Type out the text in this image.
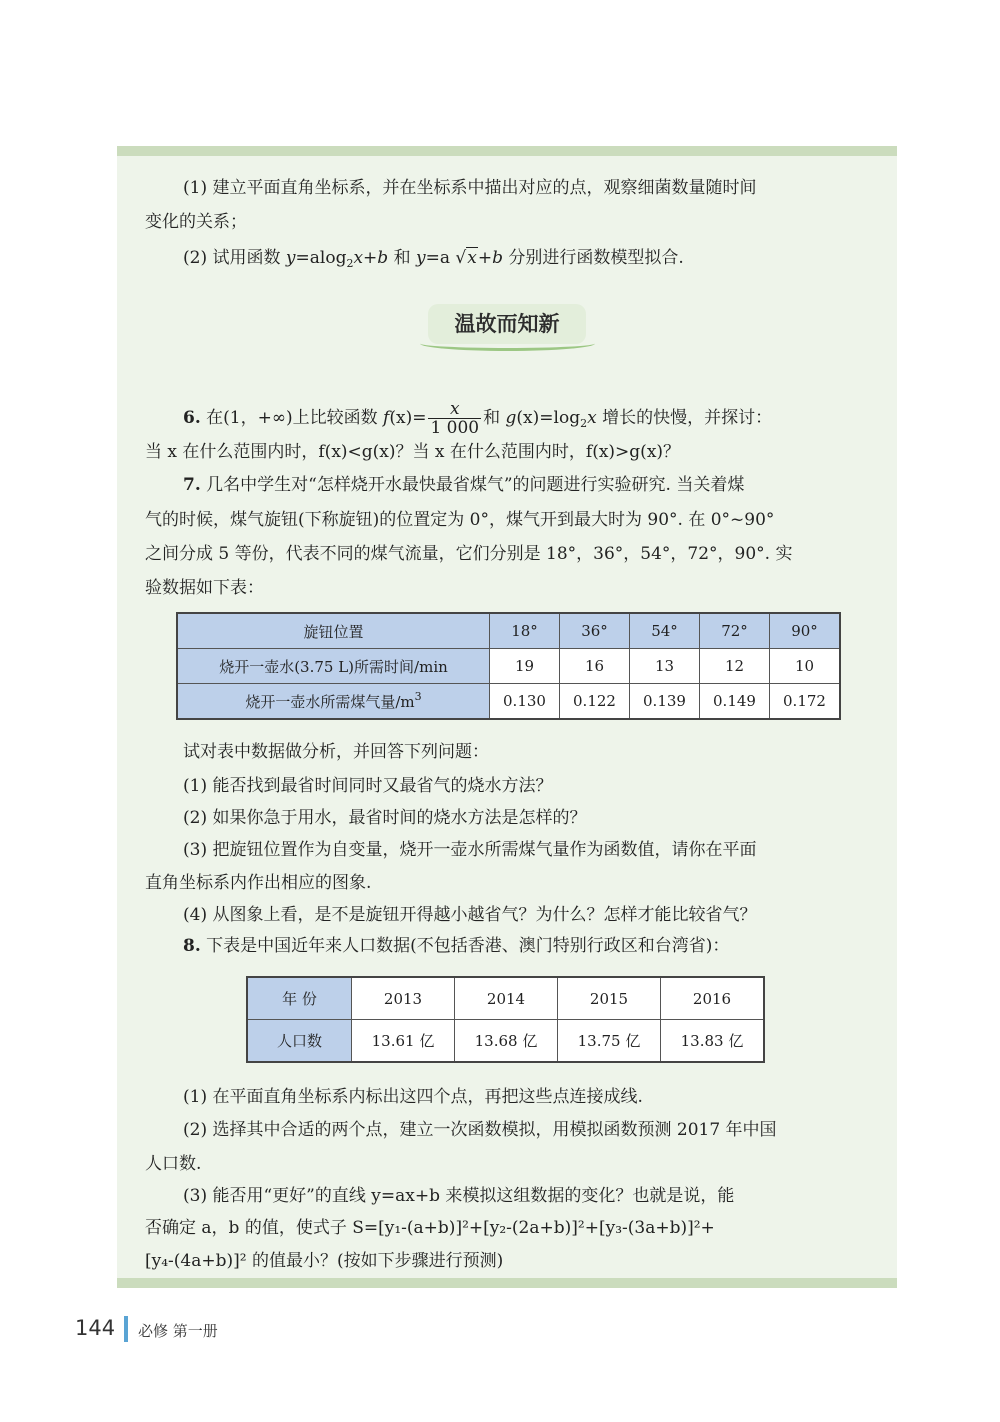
(1) 建立平面直角坐标系，并在坐标系中描出对应的点，观察细菌数量随时间
变化的关系；
(2) 试用函数 y=alog$_2$x+b 和 y=a √x+b 分别进行函数模型拟合.
温故而知新
6. 在(1，+∞)上比较函数 $f(x)= \frac{x}{1 000}$ 和 $g(x)=\log_2x$ 增长的快慢，并探讨：
当 x 在什么范围内时，f(x)<g(x)？当 x 在什么范围内时，f(x)>g(x)？
7. 几名中学生对“怎样烧开水最快最省煤气”的问题进行实验研究. 当关着煤
气的时候，煤气旋钮(下称旋钮)的位置定为 0°，煤气开到最大时为 90°. 在 0°~90°
之间分成 5 等份，代表不同的煤气流量，它们分别是 18°，36°，54°，72°，90°. 实
验数据如下表：
旋钮位置	18°	36°	54°	72°	90°
烧开一壶水(3.75 L)所需时间/min	19	16	13	12	10
烧开一壶水所需煤气量$/m^3$	0.130	0.122	0.139	0.149	0.172
试对表中数据做分析，并回答下列问题：
(1) 能否找到最省时间同时又最省气的烧水方法？
(2) 如果你急于用水，最省时间的烧水方法是怎样的？
(3) 把旋钮位置作为自变量，烧开一壶水所需煤气量作为函数值，请你在平面
直角坐标系内作出相应的图象.
(4) 从图象上看，是不是旋钮开得越小越省气？为什么？怎样才能比较省气？
8. 下表是中国近年来人口数据(不包括香港、澳门特别行政区和台湾省)：
年 份	2013	2014	2015	2016
人口数	13.61 亿	13.68 亿	13.75 亿	13.83 亿
(1) 在平面直角坐标系内标出这四个点，再把这些点连接成线.
(2) 选择其中合适的两个点，建立一次函数模拟，用模拟函数预测 2017 年中国
人口数.
(3) 能否用“更好”的直线 y=ax+b 来模拟这组数据的变化？也就是说，能
否确定 a，b 的值，使式子 S=[y₁-(a+b)]²+[y₂-(2a+b)]²+[y₃-(3a+b)]²+
[y₄-(4a+b)]² 的值最小？(按如下步骤进行预测)
144 必修 第一册
